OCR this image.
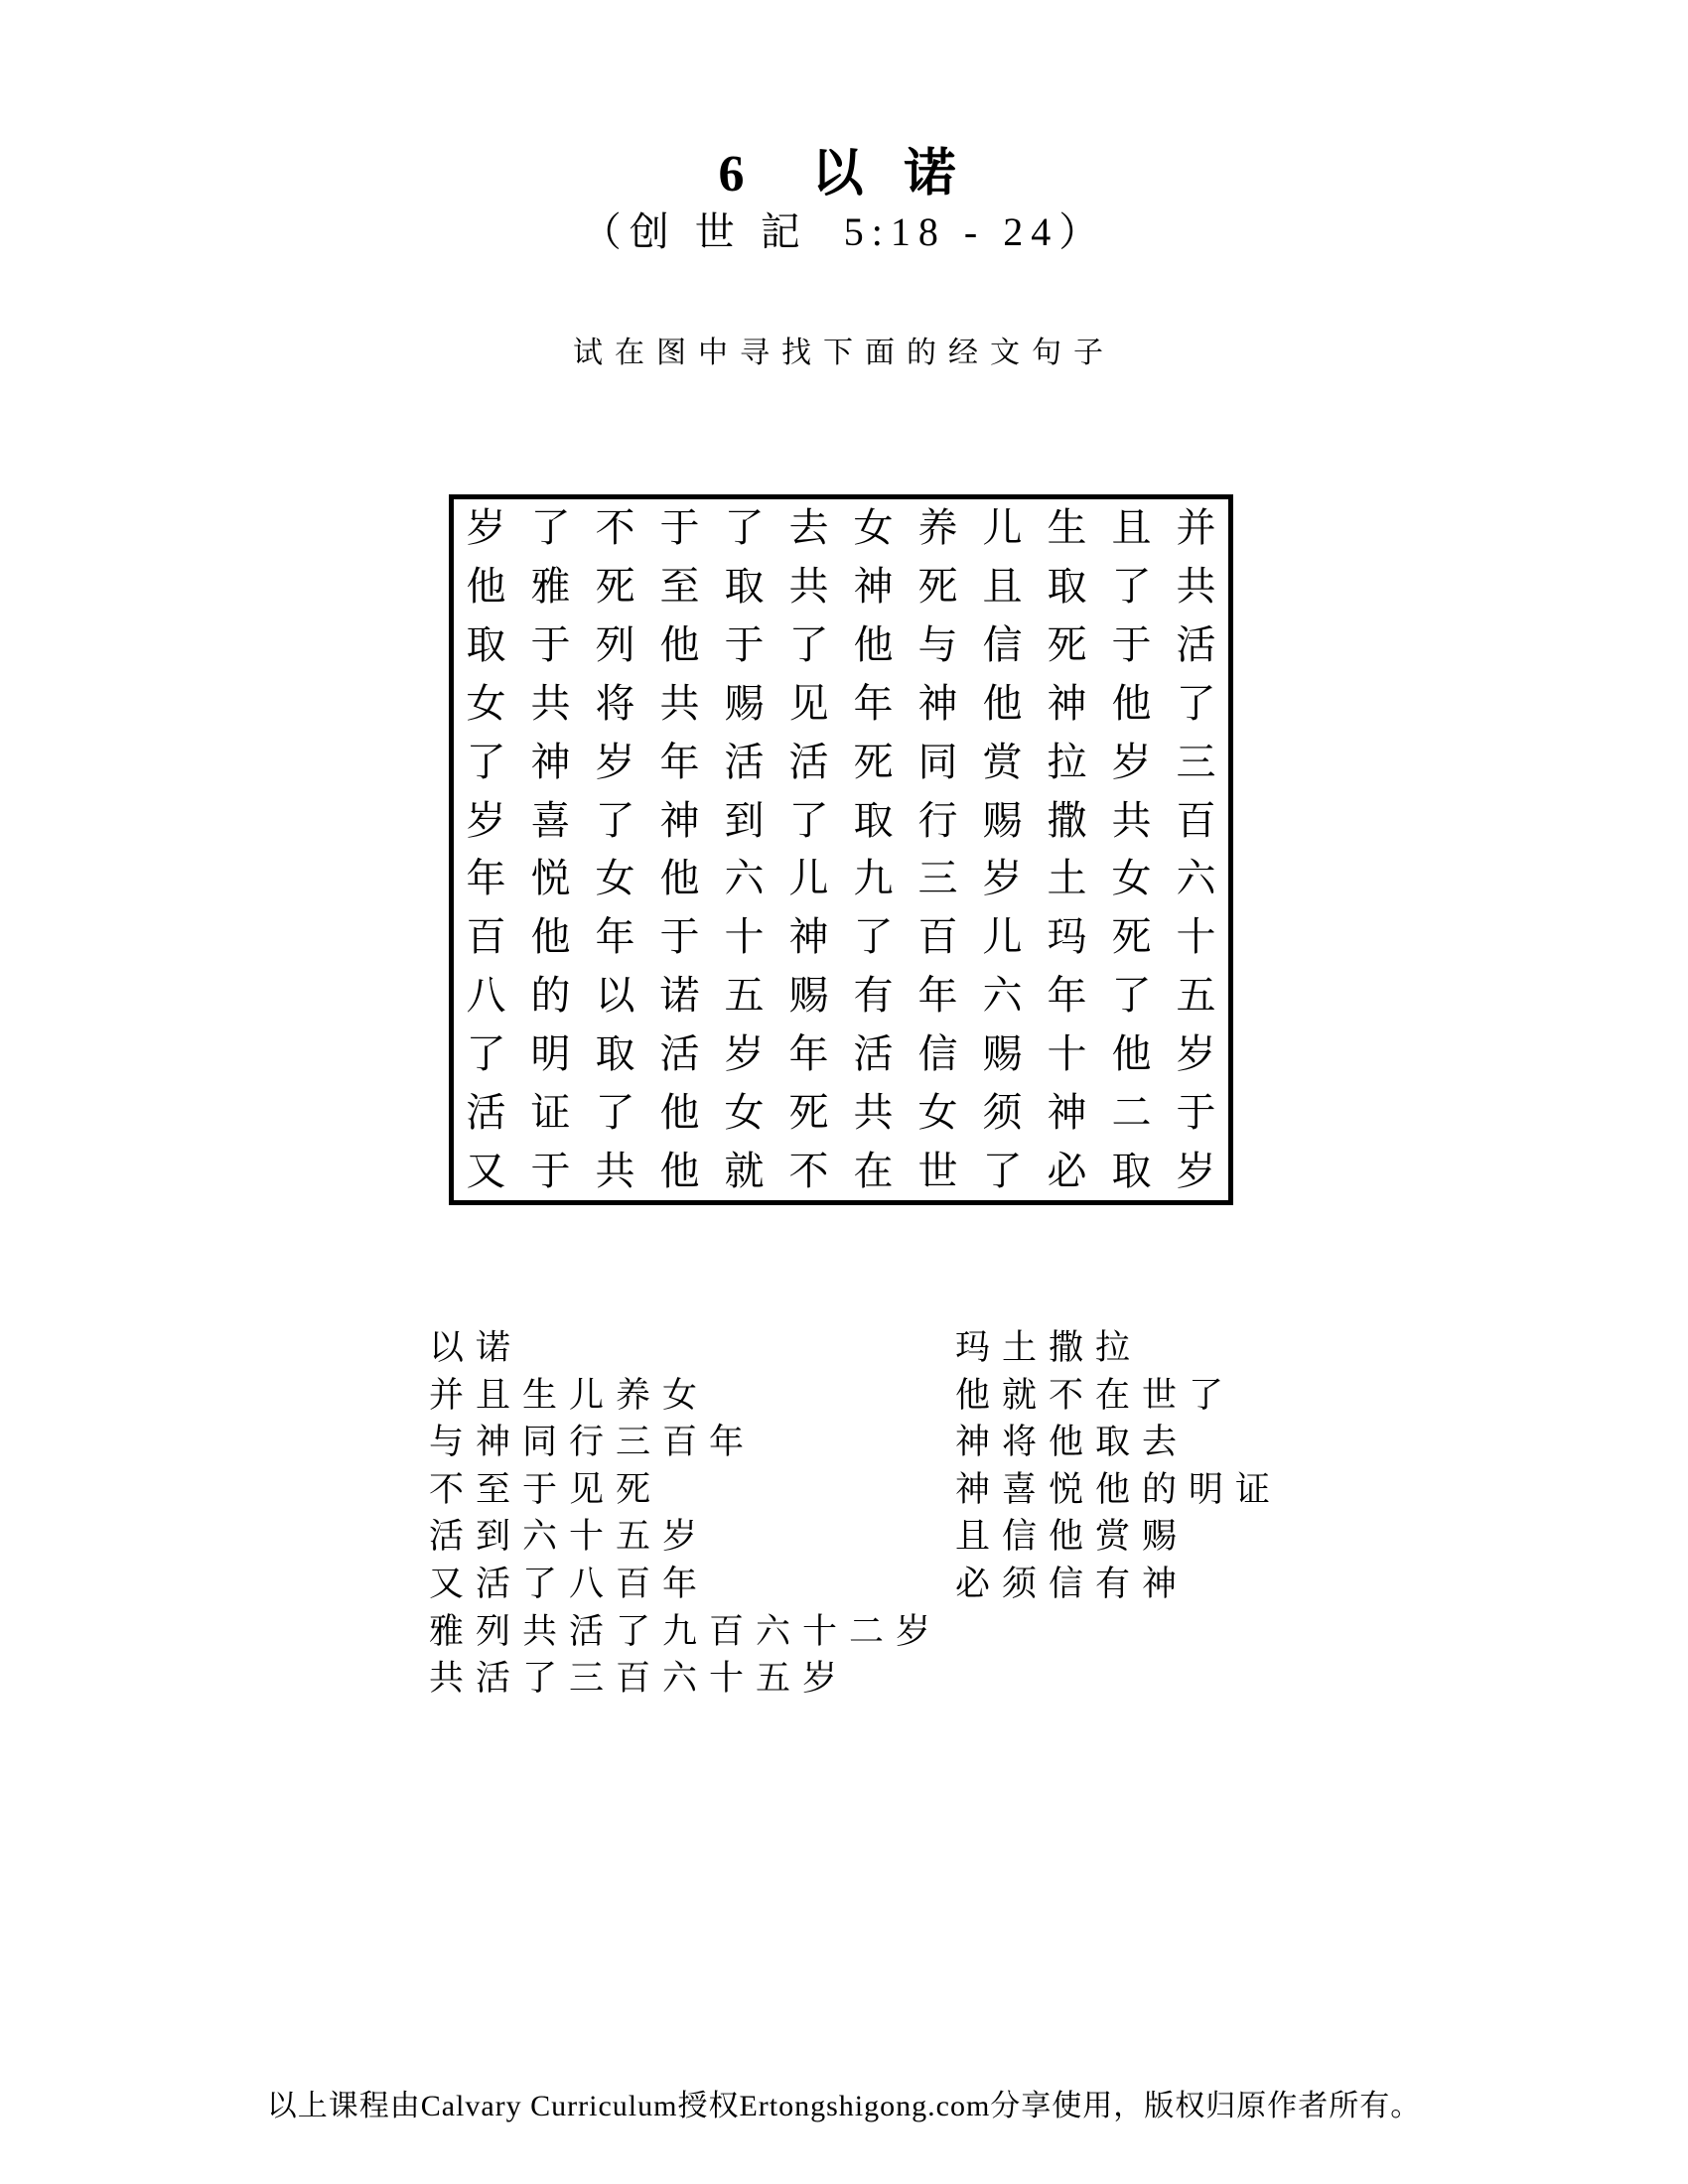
6  以 诺
（创 世 記  5:18 - 24）
试在图中寻找下面的经文句子
岁 了 不 于 了 去 女 养 儿 生 且 并
他 雅 死 至 取 共 神 死 且 取 了 共
取 于 列 他 于 了 他 与 信 死 于 活
女 共 将 共 赐 见 年 神 他 神 他 了
了 神 岁 年 活 活 死 同 赏 拉 岁 三
岁 喜 了 神 到 了 取 行 赐 撒 共 百
年 悦 女 他 六 儿 九 三 岁 土 女 六
百 他 年 于 十 神 了 百 儿 玛 死 十
八 的 以 诺 五 赐 有 年 六 年 了 五
了 明 取 活 岁 年 活 信 赐 十 他 岁
活 证 了 他 女 死 共 女 须 神 二 于
又 于 共 他 就 不 在 世 了 必 取 岁
以诺
并且生儿养女
与神同行三百年
不至于见死
活到六十五岁
又活了八百年
雅列共活了九百六十二岁
共活了三百六十五岁
玛土撒拉
他就不在世了
神将他取去
神喜悦他的明证
且信他赏赐
必须信有神
以上课程由Calvary Curriculum授权Ertongshigong.com分享使用，版权归原作者所有。
